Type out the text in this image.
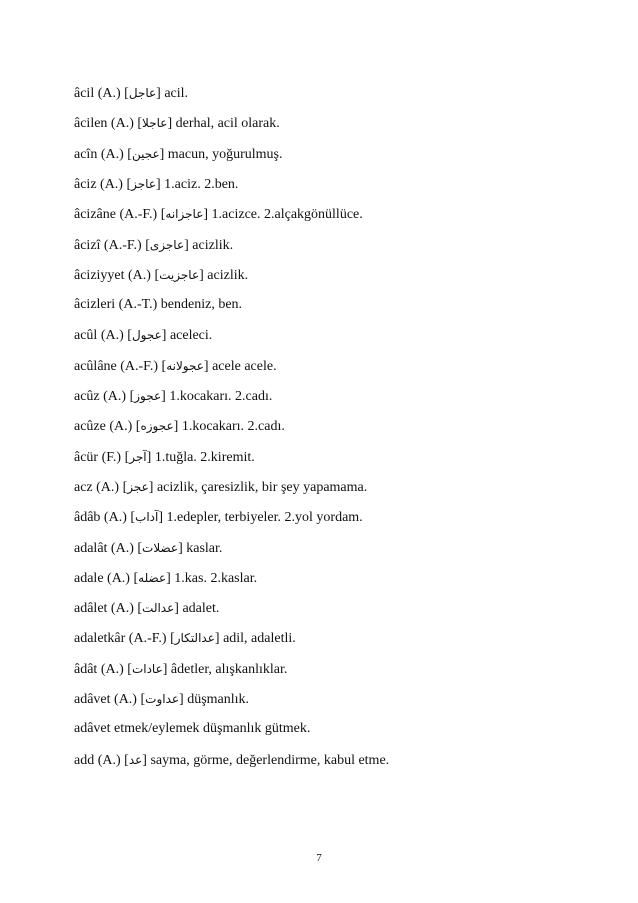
âcil (A.) [عاجل] acil.
âcilen (A.) [عاجلا] derhal, acil olarak.
acîn (A.) [عجين] macun, yoğurulmuş.
âciz (A.) [عاجز] 1.aciz. 2.ben.
âcizâne (A.-F.) [عاجزانه] 1.acizce. 2.alçakgönüllüce.
âcizî (A.-F.) [عاجزی] acizlik.
âciziyyet (A.) [عاجزيت] acizlik.
âcizleri (A.-T.) bendeniz, ben.
acûl (A.) [عجول] aceleci.
acûlâne (A.-F.) [عجولانه] acele acele.
acûz (A.) [عجوز] 1.kocakarı. 2.cadı.
acûze (A.) [عجوزه] 1.kocakarı. 2.cadı.
âcür (F.) [آجر] 1.tuğla. 2.kiremit.
acz (A.) [عجز] acizlik, çaresizlik, bir şey yapamama.
âdâb (A.) [آداب] 1.edepler, terbiyeler. 2.yol yordam.
adalât (A.) [عضلات] kaslar.
adale (A.) [عضله] 1.kas. 2.kaslar.
adâlet (A.) [عدالت] adalet.
adaletkâr (A.-F.) [عدالتكار] adil, adaletli.
âdât (A.) [عادات] âdetler, alışkanlıklar.
adâvet (A.) [عداوت] düşmanlık.
adâvet etmek/eylemek düşmanlık gütmek.
add (A.) [عد] sayma, görme, değerlendirme, kabul etme.
7
